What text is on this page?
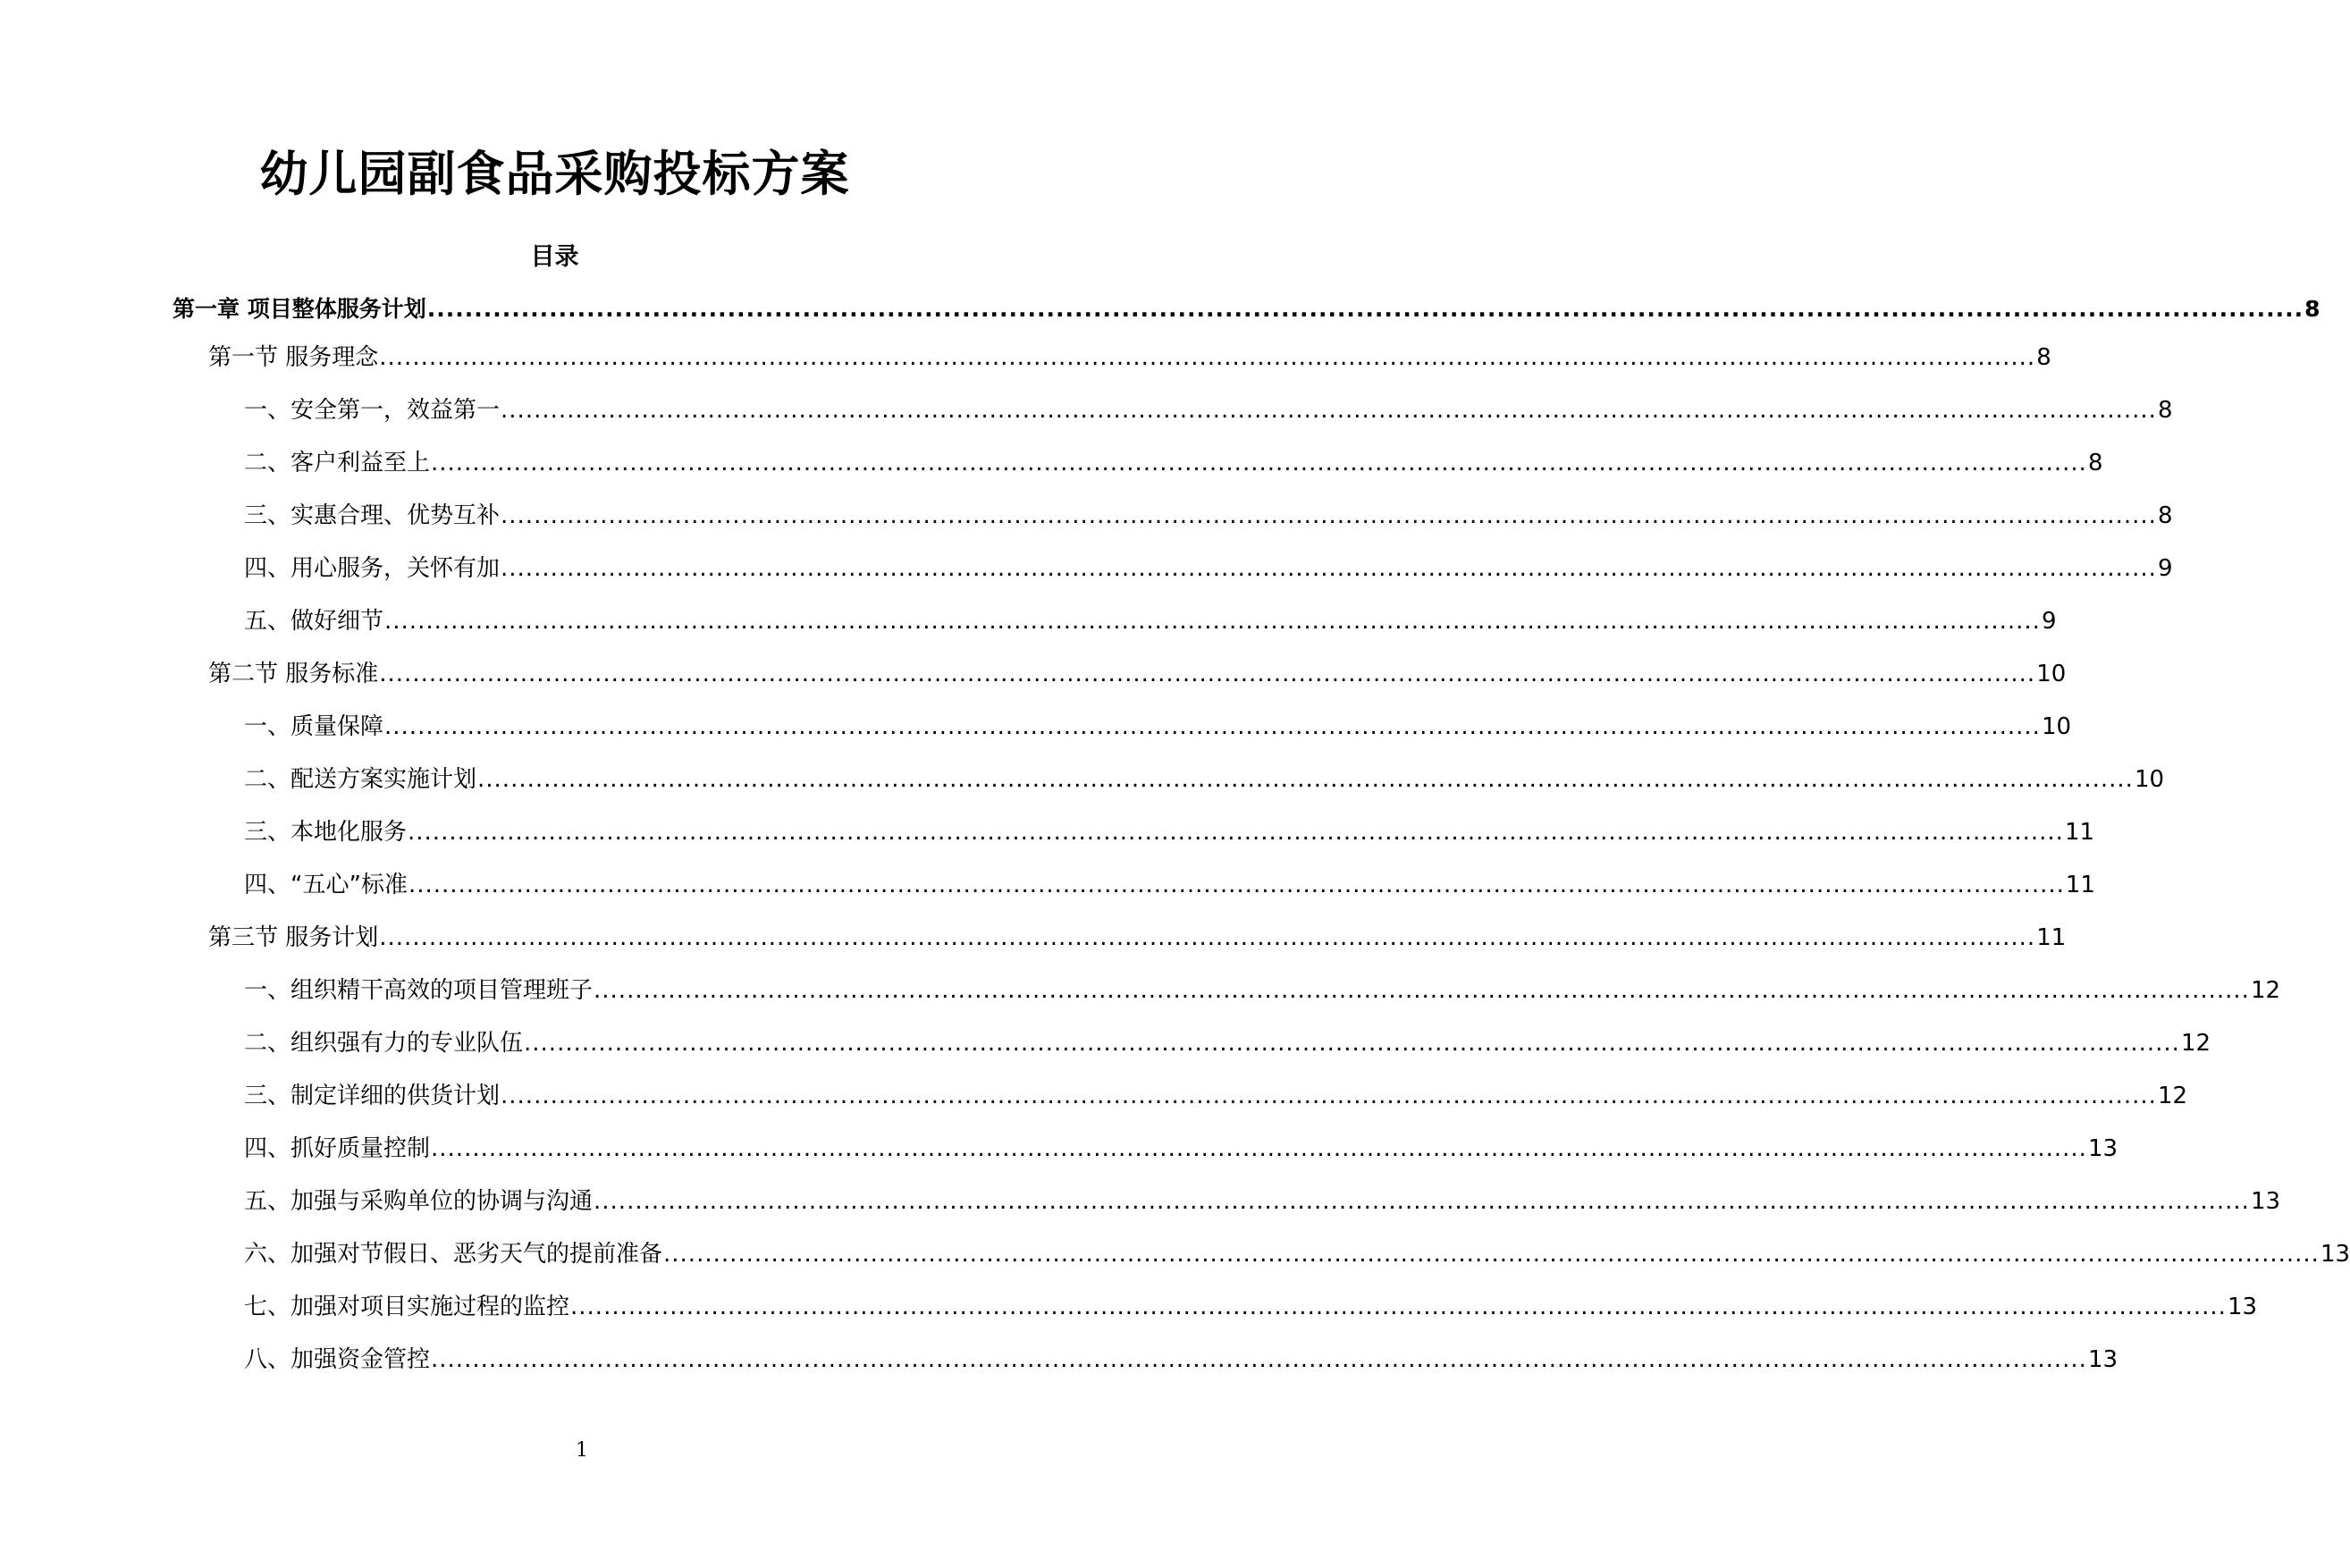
幼儿园副食品采购投标方案
目录
第一章 项目整体服务计划 ........................................................................................................................................................................................................ 8
第一节 服务理念 ........................................................................................................................................................................................................ 8
一、安全第一，效益第一 ........................................................................................................................................................................................................ 8
二、客户利益至上 ........................................................................................................................................................................................................ 8
三、实惠合理、优势互补 ........................................................................................................................................................................................................ 8
四、用心服务，关怀有加 ........................................................................................................................................................................................................ 9
五、做好细节 ........................................................................................................................................................................................................ 9
第二节 服务标准 ........................................................................................................................................................................................................ 10
一、质量保障 ........................................................................................................................................................................................................ 10
二、配送方案实施计划 ........................................................................................................................................................................................................ 10
三、本地化服务 ........................................................................................................................................................................................................ 11
四、“五心”标准 ........................................................................................................................................................................................................ 11
第三节 服务计划 ........................................................................................................................................................................................................ 11
一、组织精干高效的项目管理班子 ........................................................................................................................................................................................................ 12
二、组织强有力的专业队伍 ........................................................................................................................................................................................................ 12
三、制定详细的供货计划 ........................................................................................................................................................................................................ 12
四、抓好质量控制 ........................................................................................................................................................................................................ 13
五、加强与采购单位的协调与沟通 ........................................................................................................................................................................................................ 13
六、加强对节假日、恶劣天气的提前准备 ........................................................................................................................................................................................................ 13
七、加强对项目实施过程的监控 ........................................................................................................................................................................................................ 13
八、加强资金管控 ........................................................................................................................................................................................................ 13
1
